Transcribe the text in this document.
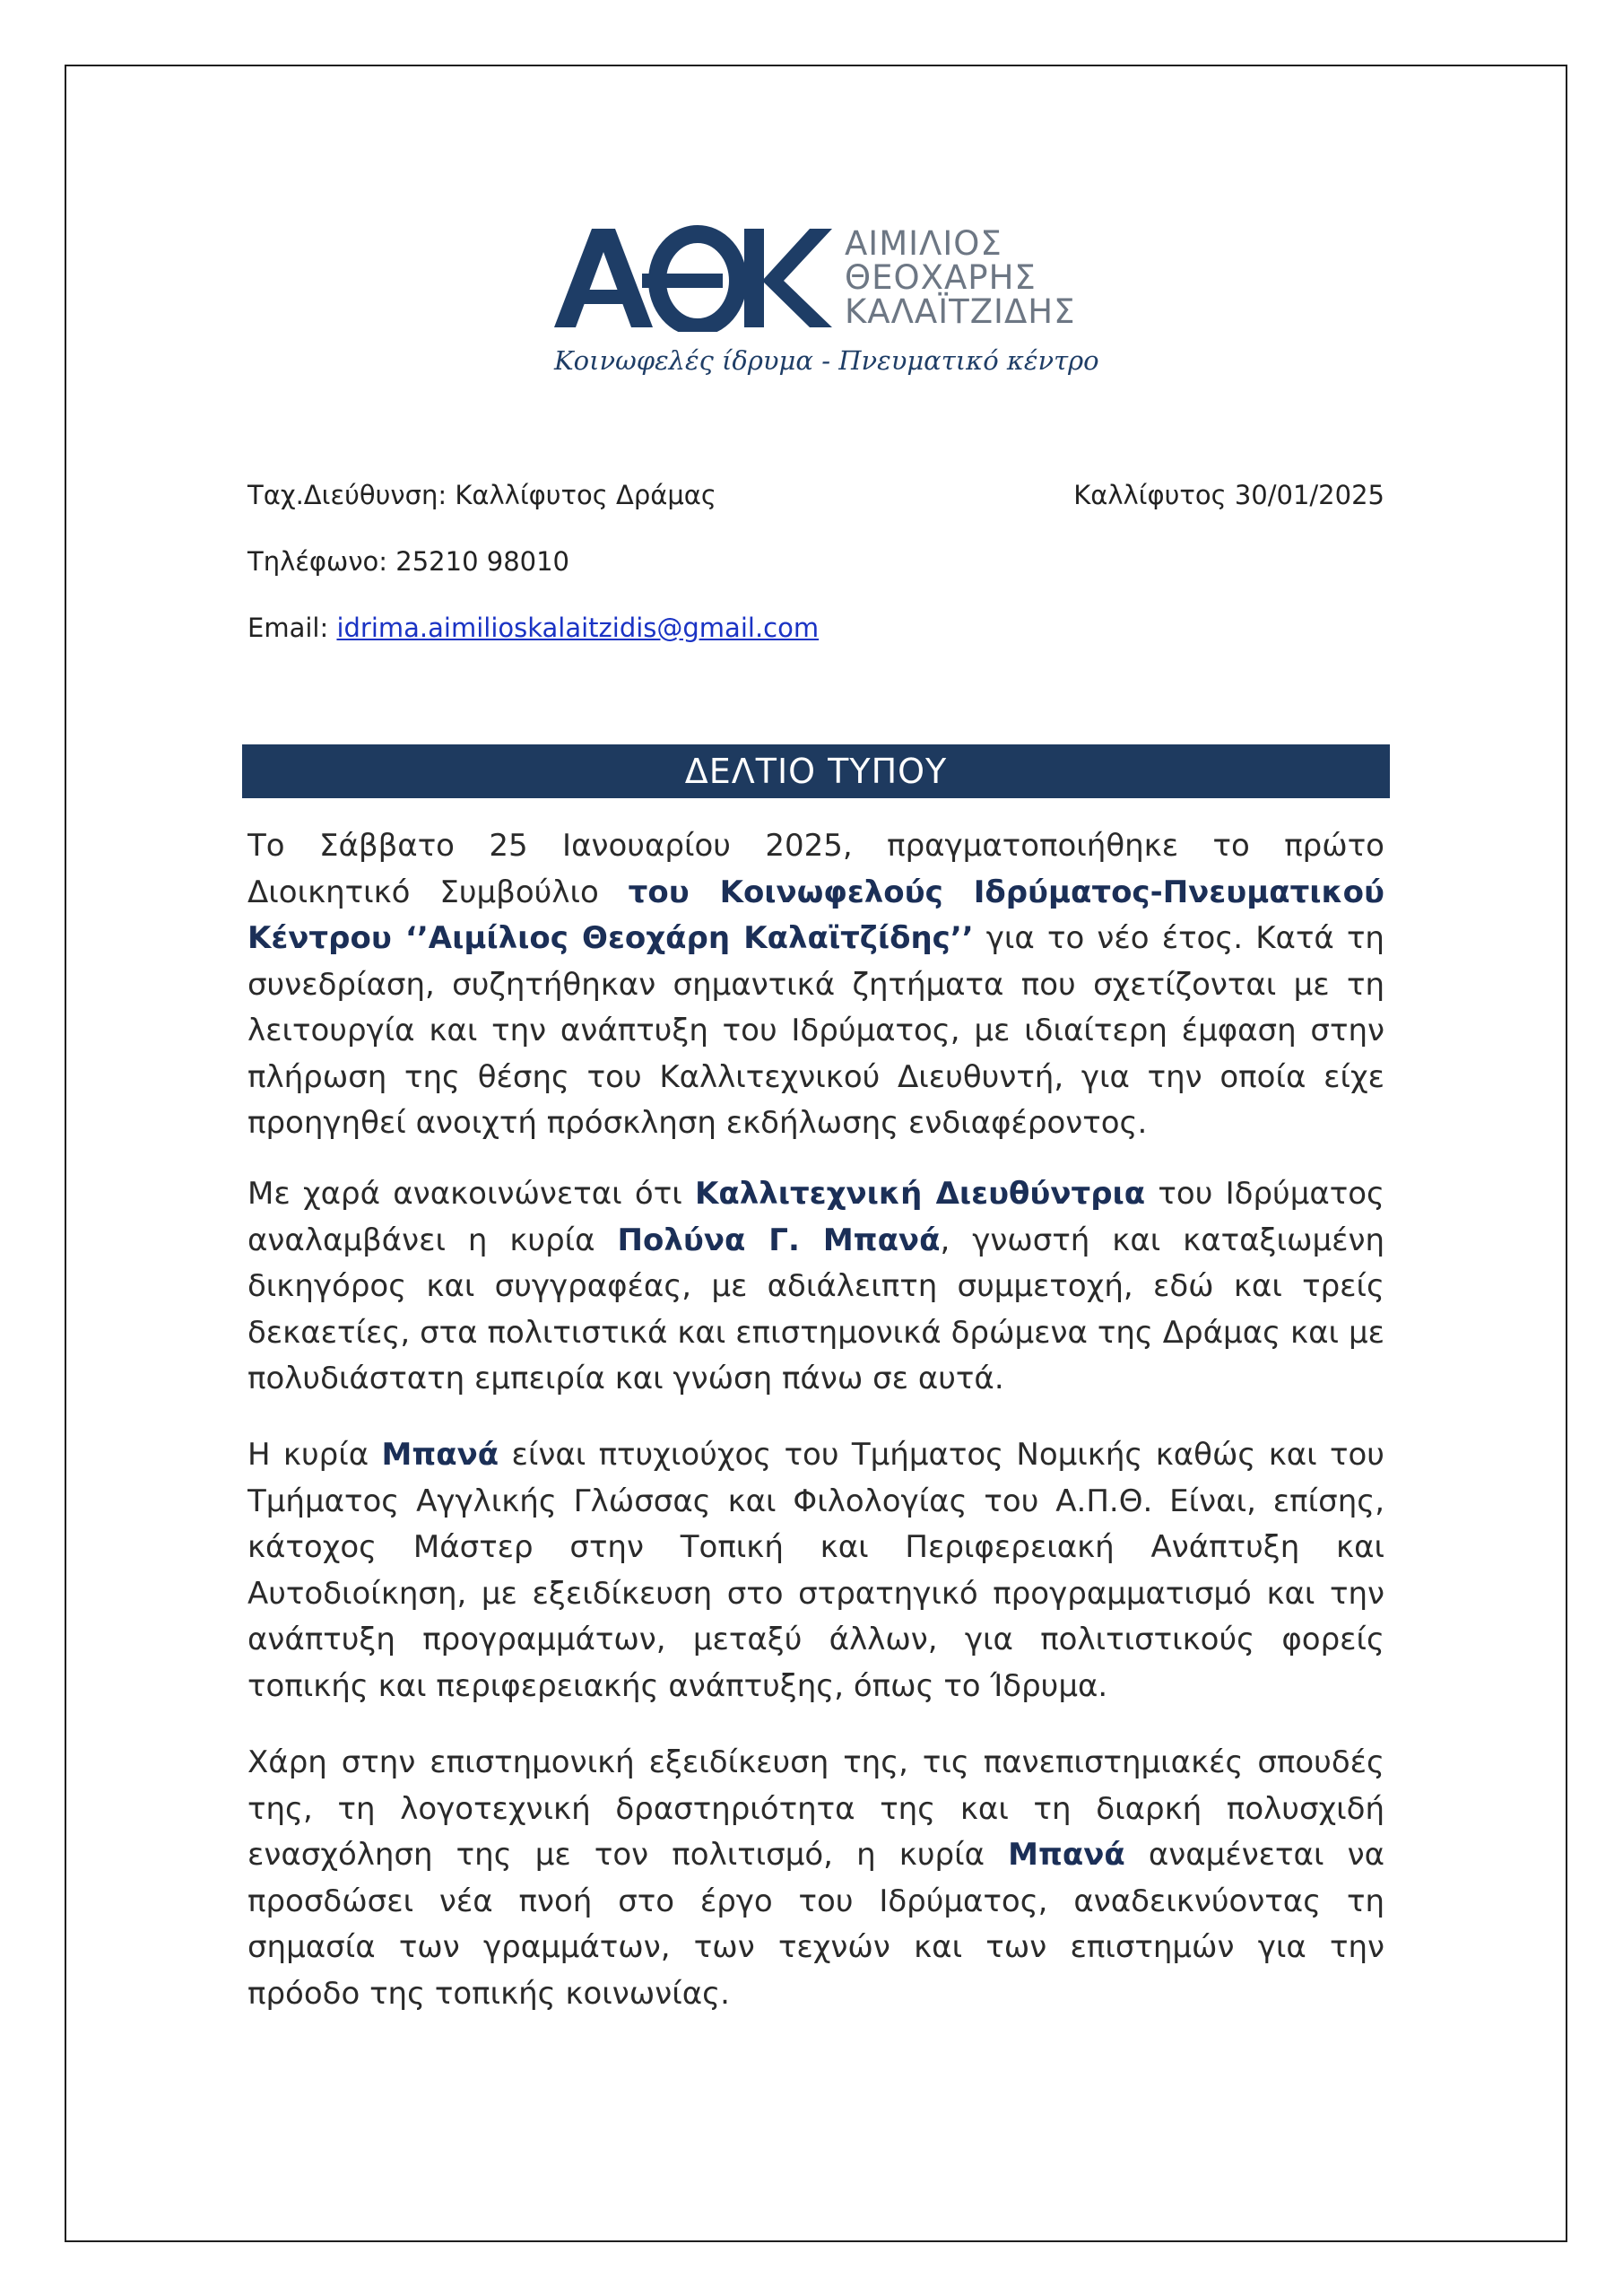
ΑΙΜΙΛΙΟΣ
ΘΕΟΧΑΡΗΣ
ΚΑΛΑΪΤΖΙΔΗΣ
Κοινωφελές ίδρυμα - Πνευματικό κέντρο
Ταχ.Διεύθυνση: Καλλίφυτος Δράμας	Καλλίφυτος 30/01/2025
Τηλέφωνο: 25210 98010
Email: idrima.aimilioskalaitzidis@gmail.com
ΔΕΛΤΙΟ ΤΥΠΟΥ
Το Σάββατο 25 Ιανουαρίου 2025, πραγματοποιήθηκε το πρώτο
Διοικητικό Συμβούλιο του Κοινωφελούς Ιδρύματος-Πνευματικού
Κέντρου ‘’Αιμίλιος Θεοχάρη Καλαϊτζίδης’’ για το νέο έτος. Κατά τη
συνεδρίαση, συζητήθηκαν σημαντικά ζητήματα που σχετίζονται με τη
λειτουργία και την ανάπτυξη του Ιδρύματος, με ιδιαίτερη έμφαση στην
πλήρωση της θέσης του Καλλιτεχνικού Διευθυντή, για την οποία είχε
προηγηθεί ανοιχτή πρόσκληση εκδήλωσης ενδιαφέροντος.
Με χαρά ανακοινώνεται ότι Καλλιτεχνική Διευθύντρια του Ιδρύματος
αναλαμβάνει η κυρία Πολύνα Γ. Μπανά, γνωστή και καταξιωμένη
δικηγόρος και συγγραφέας, με αδιάλειπτη συμμετοχή, εδώ και τρείς
δεκαετίες, στα πολιτιστικά και επιστημονικά δρώμενα της Δράμας και με
πολυδιάστατη εμπειρία και γνώση πάνω σε αυτά.
Η κυρία Μπανά είναι πτυχιούχος του Τμήματος Νομικής καθώς και του
Τμήματος Αγγλικής Γλώσσας και Φιλολογίας του Α.Π.Θ. Είναι, επίσης,
κάτοχος Μάστερ στην Τοπική και Περιφερειακή Ανάπτυξη και
Αυτοδιοίκηση, με εξειδίκευση στο στρατηγικό προγραμματισμό και την
ανάπτυξη προγραμμάτων, μεταξύ άλλων, για πολιτιστικούς φορείς
τοπικής και περιφερειακής ανάπτυξης, όπως το Ίδρυμα.
Χάρη στην επιστημονική εξειδίκευση της, τις πανεπιστημιακές σπουδές
της, τη λογοτεχνική δραστηριότητα της και τη διαρκή πολυσχιδή
ενασχόληση της με τον πολιτισμό, η κυρία Μπανά αναμένεται να
προσδώσει νέα πνοή στο έργο του Ιδρύματος, αναδεικνύοντας τη
σημασία των γραμμάτων, των τεχνών και των επιστημών για την
πρόοδο της τοπικής κοινωνίας.
